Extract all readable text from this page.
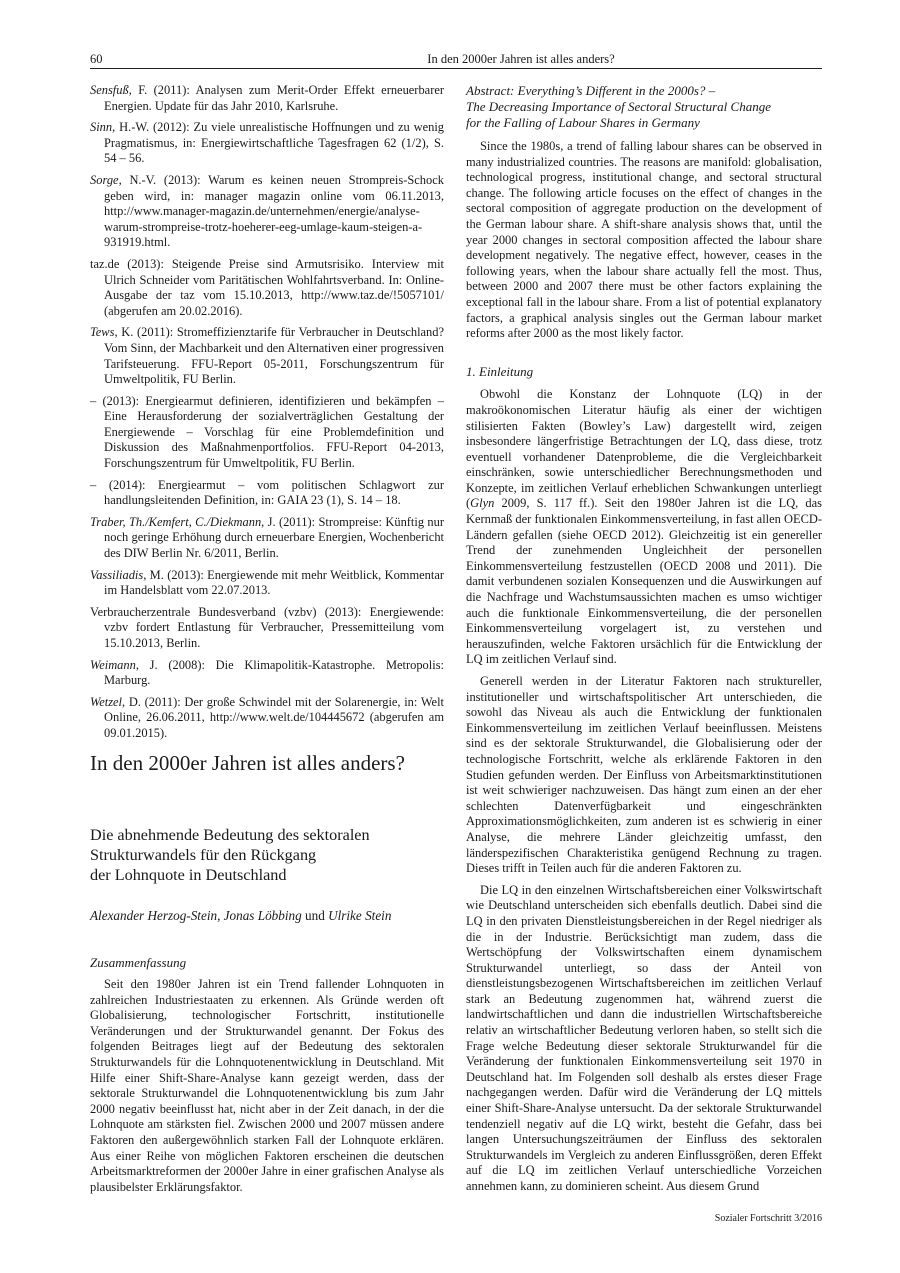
60	In den 2000er Jahren ist alles anders?

Sensfuß, F. (2011): Analysen zum Merit-Order Effekt erneuerbarer Energien. Update für das Jahr 2010, Karlsruhe.

Sinn, H.-W. (2012): Zu viele unrealistische Hoffnungen und zu wenig Pragmatismus, in: Energiewirtschaftliche Tagesfragen 62 (1/2), S. 54 – 56.

Sorge, N.-V. (2013): Warum es keinen neuen Strompreis-Schock geben wird, in: manager magazin online vom 06.11.2013, http://www.manager-magazin.de/unternehmen/energie/analyse-warum-strompreise-trotz-hoeherer-eeg-umlage-kaum-steigen-a-931919.html.

taz.de (2013): Steigende Preise sind Armutsrisiko. Interview mit Ulrich Schneider vom Paritätischen Wohlfahrtsverband. In: Online-Ausgabe der taz vom 15.10.2013, http://www.taz.de/!5057101/ (abgerufen am 20.02.2016).

Tews, K. (2011): Stromeffizienztarife für Verbraucher in Deutschland? Vom Sinn, der Machbarkeit und den Alternativen einer progressiven Tarifsteuerung. FFU-Report 05-2011, Forschungszentrum für Umweltpolitik, FU Berlin.

– (2013): Energiearmut definieren, identifizieren und bekämpfen – Eine Herausforderung der sozialverträglichen Gestaltung der Energiewende – Vorschlag für eine Problemdefinition und Diskussion des Maßnahmenportfolios. FFU-Report 04-2013, Forschungszentrum für Umweltpolitik, FU Berlin.

– (2014): Energiearmut – vom politischen Schlagwort zur handlungsleitenden Definition, in: GAIA 23 (1), S. 14 – 18.

Traber, Th./Kemfert, C./Diekmann, J. (2011): Strompreise: Künftig nur noch geringe Erhöhung durch erneuerbare Energien, Wochenbericht des DIW Berlin Nr. 6/2011, Berlin.

Vassiliadis, M. (2013): Energiewende mit mehr Weitblick, Kommentar im Handelsblatt vom 22.07.2013.

Verbraucherzentrale Bundesverband (vzbv) (2013): Energiewende: vzbv fordert Entlastung für Verbraucher, Pressemitteilung vom 15.10.2013, Berlin.

Weimann, J. (2008): Die Klimapolitik-Katastrophe. Metropolis: Marburg.

Wetzel, D. (2011): Der große Schwindel mit der Solarenergie, in: Welt Online, 26.06.2011, http://www.welt.de/104445672 (abgerufen am 09.01.2015).

In den 2000er Jahren ist alles anders?
Die abnehmende Bedeutung des sektoralen
Strukturwandels für den Rückgang
der Lohnquote in Deutschland
Alexander Herzog-Stein, Jonas Löbbing und Ulrike Stein
Zusammenfassung
Seit den 1980er Jahren ist ein Trend fallender Lohnquoten in zahlreichen Industriestaaten zu erkennen. Als Gründe werden oft Globalisierung, technologischer Fortschritt, institutionelle Veränderungen und der Strukturwandel genannt. Der Fokus des folgenden Beitrages liegt auf der Bedeutung des sektoralen Strukturwandels für die Lohnquotenentwicklung in Deutschland. Mit Hilfe einer Shift-Share-Analyse kann gezeigt werden, dass der sektorale Strukturwandel die Lohnquotenentwicklung bis zum Jahr 2000 negativ beeinflusst hat, nicht aber in der Zeit danach, in der die Lohnquote am stärksten fiel. Zwischen 2000 und 2007 müssen andere Faktoren den außergewöhnlich starken Fall der Lohnquote erklären. Aus einer Reihe von möglichen Faktoren erscheinen die deutschen Arbeitsmarktreformen der 2000er Jahre in einer grafischen Analyse als plausibelster Erklärungsfaktor.
Abstract: Everything’s Different in the 2000s? –
The Decreasing Importance of Sectoral Structural Change
for the Falling of Labour Shares in Germany

Since the 1980s, a trend of falling labour shares can be observed in many industrialized countries. The reasons are manifold: globalisation, technological progress, institutional change, and sectoral structural change. The following article focuses on the effect of changes in the sectoral composition of aggregate production on the development of the German labour share. A shift-share analysis shows that, until the year 2000 changes in sectoral composition affected the labour share development negatively. The negative effect, however, ceases in the following years, when the labour share actually fell the most. Thus, between 2000 and 2007 there must be other factors explaining the exceptional fall in the labour share. From a list of potential explanatory factors, a graphical analysis singles out the German labour market reforms after 2000 as the most likely factor.

1. Einleitung

Obwohl die Konstanz der Lohnquote (LQ) in der makroökonomischen Literatur häufig als einer der wichtigen stilisierten Fakten (Bowley’s Law) dargestellt wird, zeigen insbesondere längerfristige Betrachtungen der LQ, dass diese, trotz eventuell vorhandener Datenprobleme, die die Vergleichbarkeit einschränken, sowie unterschiedlicher Berechnungsmethoden und Konzepte, im zeitlichen Verlauf erheblichen Schwankungen unterliegt (Glyn 2009, S. 117 ff.). Seit den 1980er Jahren ist die LQ, das Kernmaß der funktionalen Einkommensverteilung, in fast allen OECD-Ländern gefallen (siehe OECD 2012). Gleichzeitig ist ein genereller Trend der zunehmenden Ungleichheit der personellen Einkommensverteilung festzustellen (OECD 2008 und 2011). Die damit verbundenen sozialen Konsequenzen und die Auswirkungen auf die Nachfrage und Wachstumsaussichten machen es umso wichtiger auch die funktionale Einkommensverteilung, die der personellen Einkommensverteilung vorgelagert ist, zu verstehen und herauszufinden, welche Faktoren ursächlich für die Entwicklung der LQ im zeitlichen Verlauf sind.

Generell werden in der Literatur Faktoren nach struktureller, institutioneller und wirtschaftspolitischer Art unterschieden, die sowohl das Niveau als auch die Entwicklung der funktionalen Einkommensverteilung im zeitlichen Verlauf beeinflussen. Meistens sind es der sektorale Strukturwandel, die Globalisierung oder der technologische Fortschritt, welche als erklärende Faktoren in den Studien gefunden werden. Der Einfluss von Arbeitsmarktinstitutionen ist weit schwieriger nachzuweisen. Das hängt zum einen an der eher schlechten Datenverfügbarkeit und eingeschränkten Approximationsmöglichkeiten, zum anderen ist es schwierig in einer Analyse, die mehrere Länder gleichzeitig umfasst, den länderspezifischen Charakteristika genügend Rechnung zu tragen. Dieses trifft in Teilen auch für die anderen Faktoren zu.

Die LQ in den einzelnen Wirtschaftsbereichen einer Volkswirtschaft wie Deutschland unterscheiden sich ebenfalls deutlich. Dabei sind die LQ in den privaten Dienstleistungsbereichen in der Regel niedriger als die in der Industrie. Berücksichtigt man zudem, dass die Wertschöpfung der Volkswirtschaften einem dynamischem Strukturwandel unterliegt, so dass der Anteil von dienstleistungsbezogenen Wirtschaftsbereichen im zeitlichen Verlauf stark an Bedeutung zugenommen hat, während zuerst die landwirtschaftlichen und dann die industriellen Wirtschaftsbereiche relativ an wirtschaftlicher Bedeutung verloren haben, so stellt sich die Frage welche Bedeutung dieser sektorale Strukturwandel für die Veränderung der funktionalen Einkommensverteilung seit 1970 in Deutschland hat. Im Folgenden soll deshalb als erstes dieser Frage nachgegangen werden. Dafür wird die Veränderung der LQ mittels einer Shift-Share-Analyse untersucht. Da der sektorale Strukturwandel tendenziell negativ auf die LQ wirkt, besteht die Gefahr, dass bei langen Untersuchungszeiträumen der Einfluss des sektoralen Strukturwandels im Vergleich zu anderen Einflussgrößen, deren Effekt auf die LQ im zeitlichen Verlauf unterschiedliche Vorzeichen annehmen kann, zu dominieren scheint. Aus diesem Grund

Sozialer Fortschritt 3/2016
